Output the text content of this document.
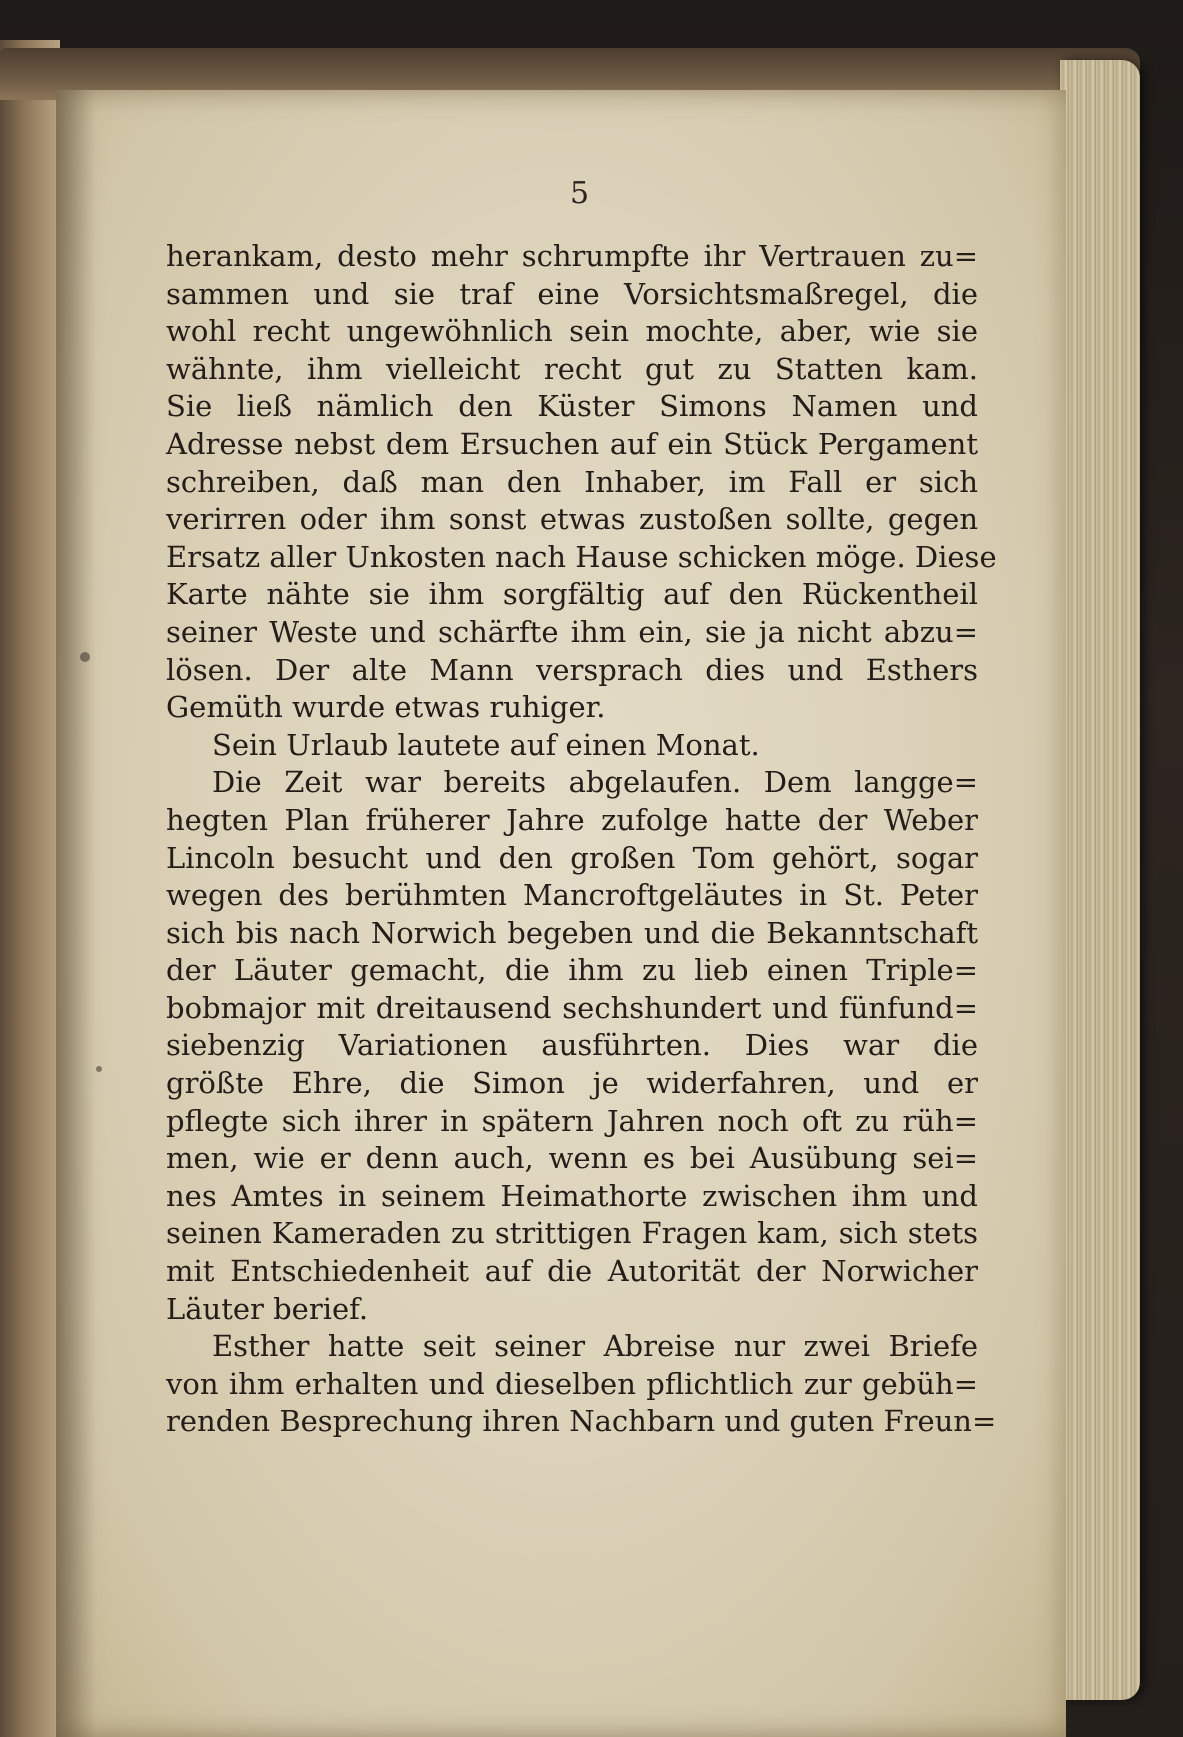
5
herankam, desto mehr schrumpfte ihr Vertrauen zu=
sammen und sie traf eine Vorsichtsmaßregel, die
wohl recht ungewöhnlich sein mochte, aber, wie sie
wähnte, ihm vielleicht recht gut zu Statten kam.
Sie ließ nämlich den Küster Simons Namen und
Adresse nebst dem Ersuchen auf ein Stück Pergament
schreiben, daß man den Inhaber, im Fall er sich
verirren oder ihm sonst etwas zustoßen sollte, gegen
Ersatz aller Unkosten nach Hause schicken möge. Diese
Karte nähte sie ihm sorgfältig auf den Rückentheil
seiner Weste und schärfte ihm ein, sie ja nicht abzu=
lösen. Der alte Mann versprach dies und Esthers
Gemüth wurde etwas ruhiger.
Sein Urlaub lautete auf einen Monat.
Die Zeit war bereits abgelaufen. Dem langge=
hegten Plan früherer Jahre zufolge hatte der Weber
Lincoln besucht und den großen Tom gehört, sogar
wegen des berühmten Mancroftgeläutes in St. Peter
sich bis nach Norwich begeben und die Bekanntschaft
der Läuter gemacht, die ihm zu lieb einen Triple=
bobmajor mit dreitausend sechshundert und fünfund=
siebenzig Variationen ausführten. Dies war die
größte Ehre, die Simon je widerfahren, und er
pflegte sich ihrer in spätern Jahren noch oft zu rüh=
men, wie er denn auch, wenn es bei Ausübung sei=
nes Amtes in seinem Heimathorte zwischen ihm und
seinen Kameraden zu strittigen Fragen kam, sich stets
mit Entschiedenheit auf die Autorität der Norwicher
Läuter berief.
Esther hatte seit seiner Abreise nur zwei Briefe
von ihm erhalten und dieselben pflichtlich zur gebüh=
renden Besprechung ihren Nachbarn und guten Freun=
